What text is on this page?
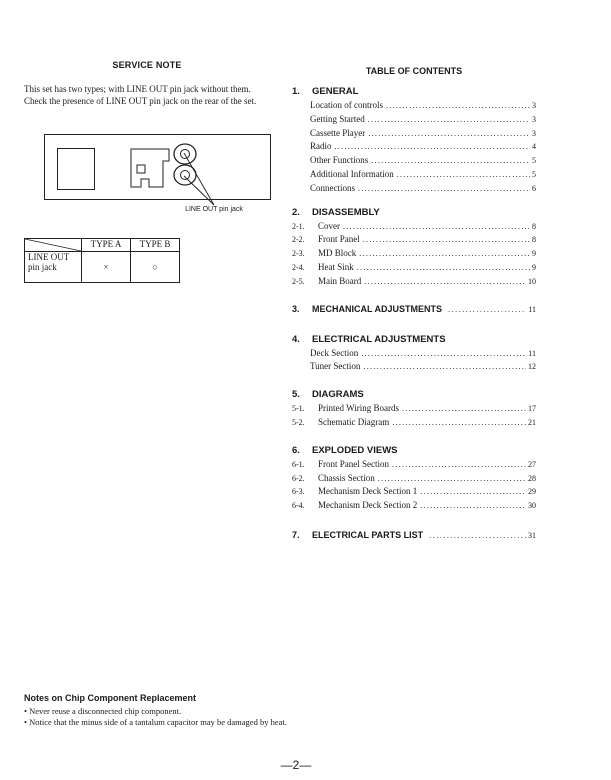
SERVICE NOTE

This set has two types; with LINE OUT pin jack without them.

Check the presence of LINE OUT pin jack on the rear of the set.

LINE OUT pin jack
	TYPE A	TYPE B
LINE OUT pin jack	×	○
TABLE OF CONTENTS
1.	GENERAL
Location of controls .....	3
Getting Started .....	3
Cassette Player .....	3
Radio .....	4
Other Functions .....	5
Additional Information .....	5
Connections .....	6
2.	DISASSEMBLY
2-1.	Cover .....	8
2-2.	Front Panel .....	8
2-3.	MD Block .....	9
2-4.	Heat Sink .....	9
2-5.	Main Board .....	10
3.	MECHANICAL ADJUSTMENTS .....	11
4.	ELECTRICAL ADJUSTMENTS
Deck Section .....	11
Tuner Section .....	12
5.	DIAGRAMS
5-1.	Printed Wiring Boards .....	17
5-2.	Schematic Diagram .....	21
6.	EXPLODED VIEWS
6-1.	Front Panel Section .....	27
6-2.	Chassis Section .....	28
6-3.	Mechanism Deck Section 1 .....	29
6-4.	Mechanism Deck Section 2 .....	30
7.	ELECTRICAL PARTS LIST .....	31
Notes on Chip Component Replacement
• Never reuse a disconnected chip component.
• Notice that the minus side of a tantalum capacitor may be damaged by heat.
—2—
